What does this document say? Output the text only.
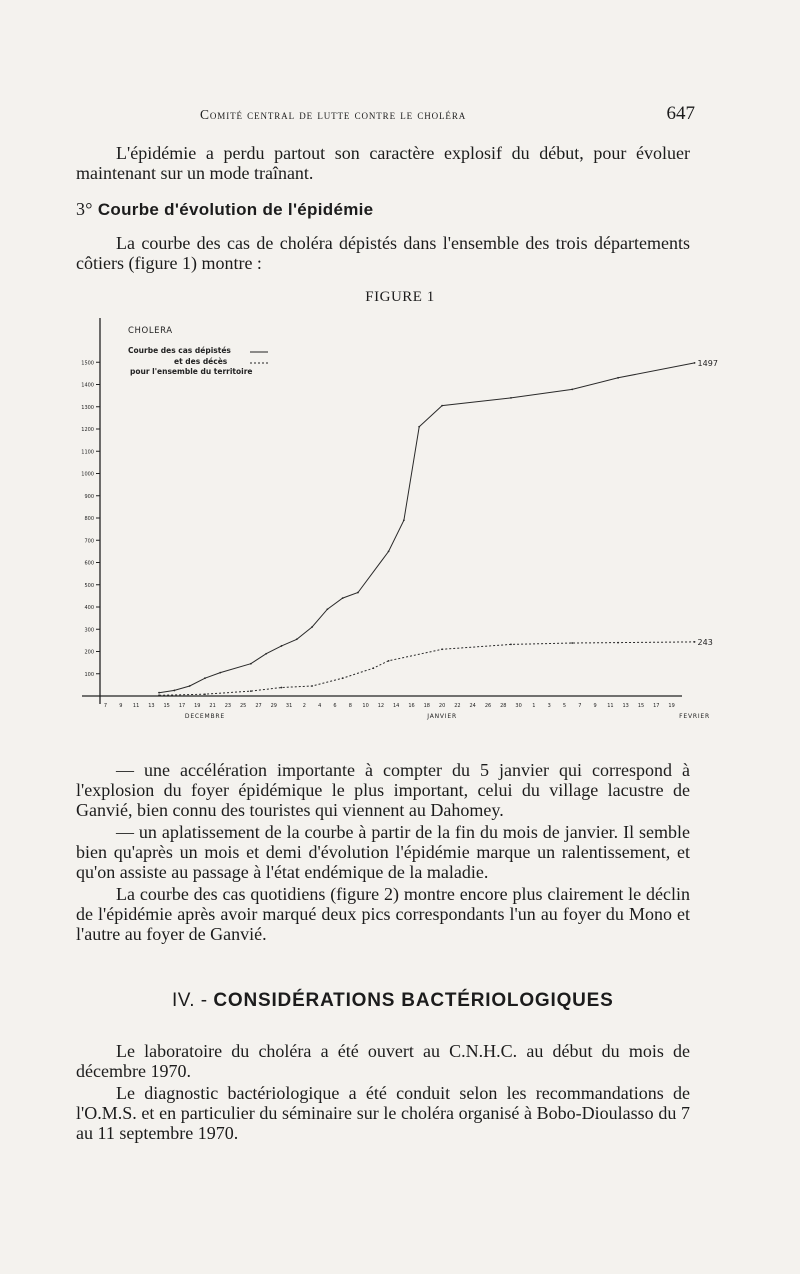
Comité central de lutte contre le choléra	647

L'épidémie a perdu partout son caractère explosif du début, pour évoluer maintenant sur un mode traînant.

3° Courbe d'évolution de l'épidémie

La courbe des cas de choléra dépistés dans l'ensemble des trois départements côtiers (figure 1) montre :

FIGURE 1
100
200
300
400
500
600
700
800
900
1000
1100
1200
1300
1400
1500
7 9 11 13 15 17 19 21 23 25 27 29 31 2 4 6 8 10 12 14 16 18 20 22 24 26 28 30 1 3 5 7 9 11 13 15 17 19
DECEMBRE	JANVIER	FEVRIER
1497
243
CHOLERA
Courbe des cas dépistés
et des décès
pour l'ensemble du territoire

— une accélération importante à compter du 5 janvier qui correspond à l'explosion du foyer épidémique le plus important, celui du village lacustre de Ganvié, bien connu des touristes qui viennent au Dahomey.

— un aplatissement de la courbe à partir de la fin du mois de janvier. Il semble bien qu'après un mois et demi d'évolution l'épidémie marque un ralentissement, et qu'on assiste au passage à l'état endémique de la maladie.

La courbe des cas quotidiens (figure 2) montre encore plus clairement le déclin de l'épidémie après avoir marqué deux pics correspondants l'un au foyer du Mono et l'autre au foyer de Ganvié.

IV. - CONSIDÉRATIONS BACTÉRIOLOGIQUES

Le laboratoire du choléra a été ouvert au C.N.H.C. au début du mois de décembre 1970.

Le diagnostic bactériologique a été conduit selon les recommandations de l'O.M.S. et en particulier du séminaire sur le choléra organisé à Bobo-Dioulasso du 7 au 11 septembre 1970.
